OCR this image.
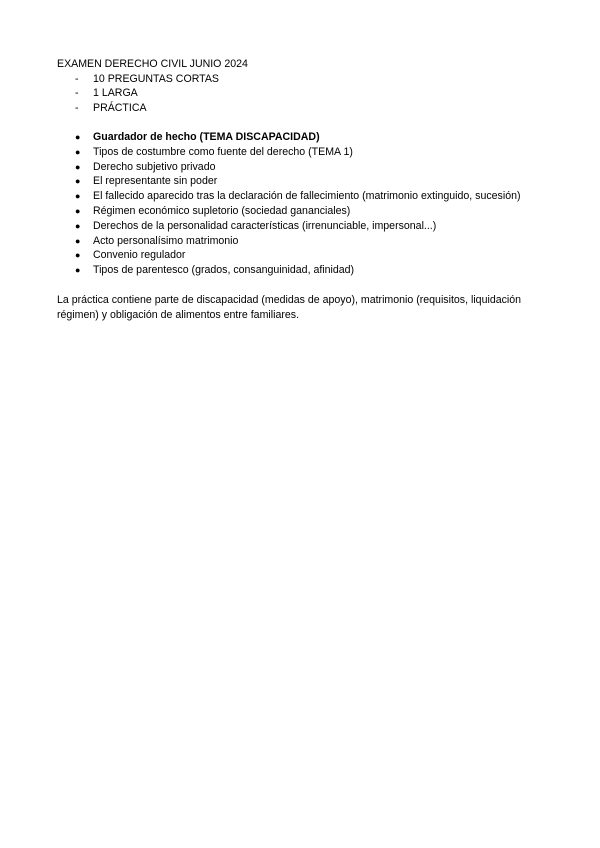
EXAMEN DERECHO CIVIL JUNIO 2024

- 10 PREGUNTAS CORTAS
- 1 LARGA
- PRÁCTICA
● Guardador de hecho (TEMA DISCAPACIDAD)
● Tipos de costumbre como fuente del derecho (TEMA 1)
● Derecho subjetivo privado
● El representante sin poder
● El fallecido aparecido tras la declaración de fallecimiento (matrimonio extinguido, sucesión)
● Régimen económico supletorio (sociedad gananciales)
● Derechos de la personalidad características (irrenunciable, impersonal...)
● Acto personalísimo matrimonio
● Convenio regulador
● Tipos de parentesco (grados, consanguinidad, afinidad)

La práctica contiene parte de discapacidad (medidas de apoyo), matrimonio (requisitos, liquidación régimen) y obligación de alimentos entre familiares.
